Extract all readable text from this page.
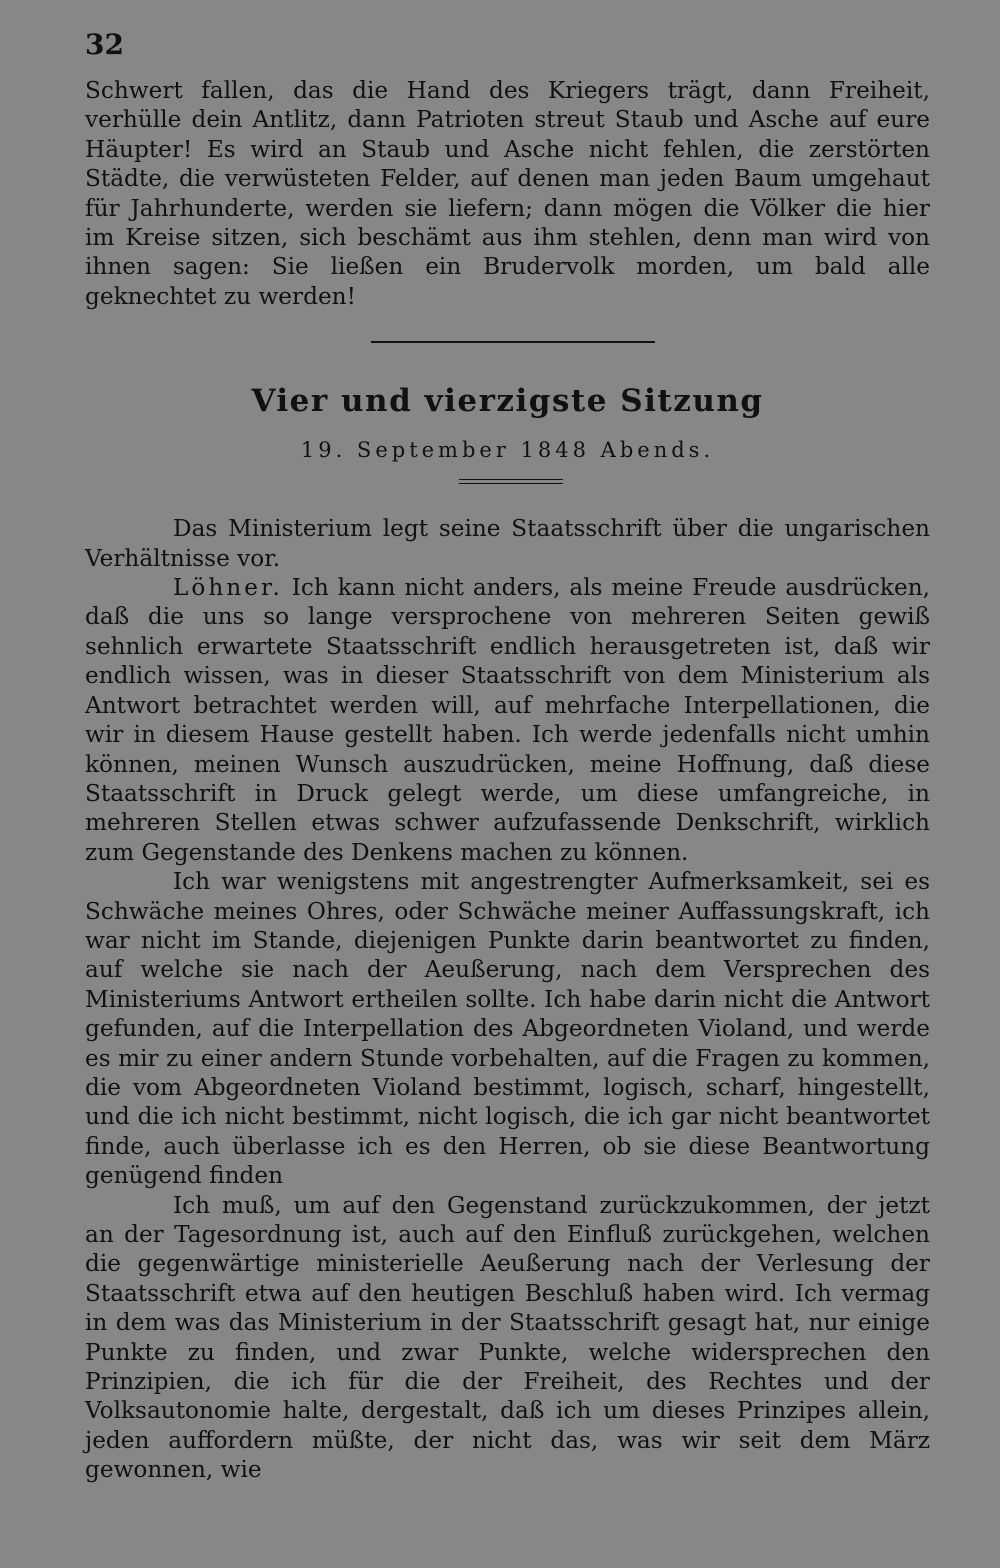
32

Schwert fallen, das die Hand des Kriegers trägt, dann Freiheit, verhülle dein Antlitz, dann Patrioten streut Staub und Asche auf eure Häupter! Es wird an Staub und Asche nicht fehlen, die zerstörten Städte, die verwüsteten Felder, auf denen man jeden Baum umgehaut für Jahrhunderte, werden sie liefern; dann mögen die Völker die hier im Kreise sitzen, sich beschämt aus ihm stehlen, denn man wird von ihnen sagen: Sie ließen ein Brudervolk morden, um bald alle geknechtet zu werden!

Vier und vierzigste Sitzung
19. September 1848 Abends.

Das Ministerium legt seine Staatsschrift über die ungarischen Verhältnisse vor.

Löhner. Ich kann nicht anders, als meine Freude ausdrücken, daß die uns so lange versprochene von mehreren Seiten gewiß sehnlich erwartete Staatsschrift endlich herausgetreten ist, daß wir endlich wissen, was in dieser Staatsschrift von dem Ministerium als Antwort betrachtet werden will, auf mehrfache Interpellationen, die wir in diesem Hause gestellt haben. Ich werde jedenfalls nicht umhin können, meinen Wunsch auszudrücken, meine Hoffnung, daß diese Staatsschrift in Druck gelegt werde, um diese umfangreiche, in mehreren Stellen etwas schwer aufzufassende Denkschrift, wirklich zum Gegenstande des Denkens machen zu können.

Ich war wenigstens mit angestrengter Aufmerksamkeit, sei es Schwäche meines Ohres, oder Schwäche meiner Auffassungskraft, ich war nicht im Stande, diejenigen Punkte darin beantwortet zu finden, auf welche sie nach der Aeußerung, nach dem Versprechen des Ministeriums Antwort ertheilen sollte. Ich habe darin nicht die Antwort gefunden, auf die Interpellation des Abgeordneten Violand, und werde es mir zu einer andern Stunde vorbehalten, auf die Fragen zu kommen, die vom Abgeordneten Violand bestimmt, logisch, scharf, hingestellt, und die ich nicht bestimmt, nicht logisch, die ich gar nicht beantwortet finde, auch überlasse ich es den Herren, ob sie diese Beantwortung genügend finden

Ich muß, um auf den Gegenstand zurückzukommen, der jetzt an der Tagesordnung ist, auch auf den Einfluß zurückgehen, welchen die gegenwärtige ministerielle Aeußerung nach der Verlesung der Staatsschrift etwa auf den heutigen Beschluß haben wird. Ich vermag in dem was das Ministerium in der Staatsschrift gesagt hat, nur einige Punkte zu finden, und zwar Punkte, welche widersprechen den Prinzipien, die ich für die der Freiheit, des Rechtes und der Volksautonomie halte, dergestalt, daß ich um dieses Prinzipes allein, jeden auffordern müßte, der nicht das, was wir seit dem März gewonnen, wie
